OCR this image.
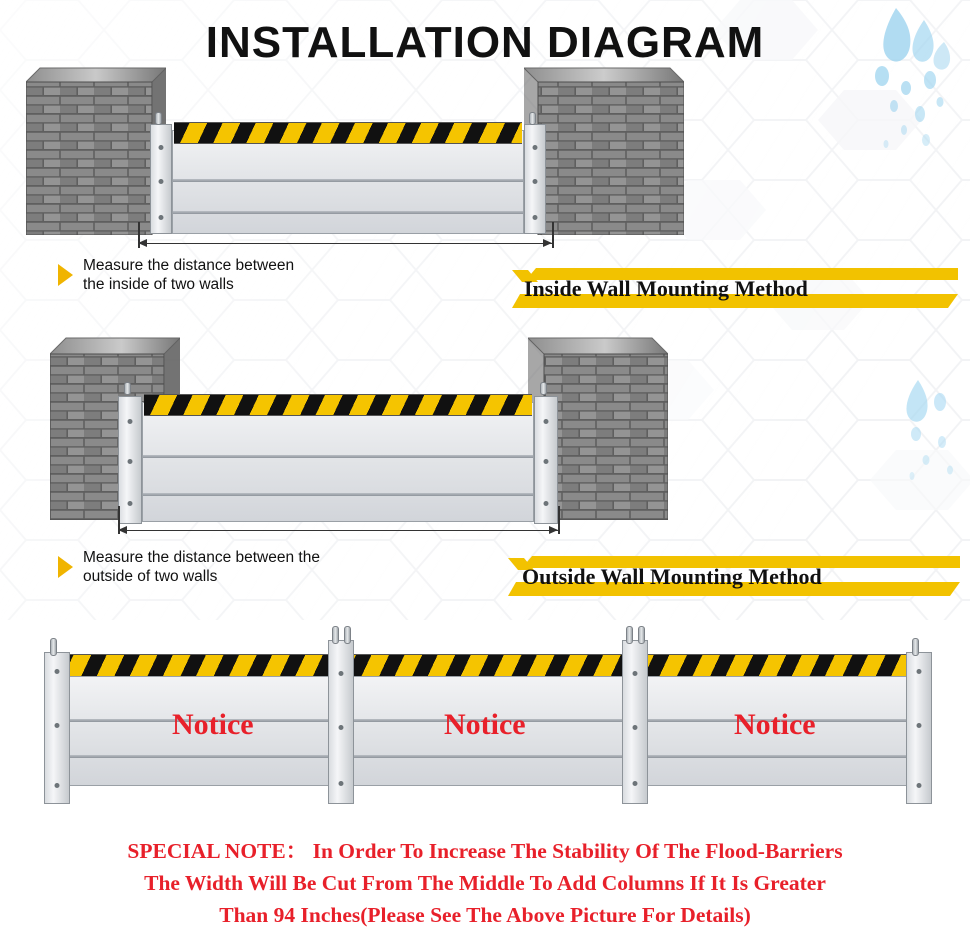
INSTALLATION DIAGRAM
Measure the distance between
the inside of two walls	Inside Wall Mounting Method
Measure the distance between the
outside of two walls	Outside Wall Mounting Method
Notice	Notice	Notice
SPECIAL NOTE： In Order To Increase The Stability Of The Flood-Barriers
The Width Will Be Cut From The Middle To Add Columns If It Is Greater
Than 94 Inches(Please See The Above Picture For Details)
